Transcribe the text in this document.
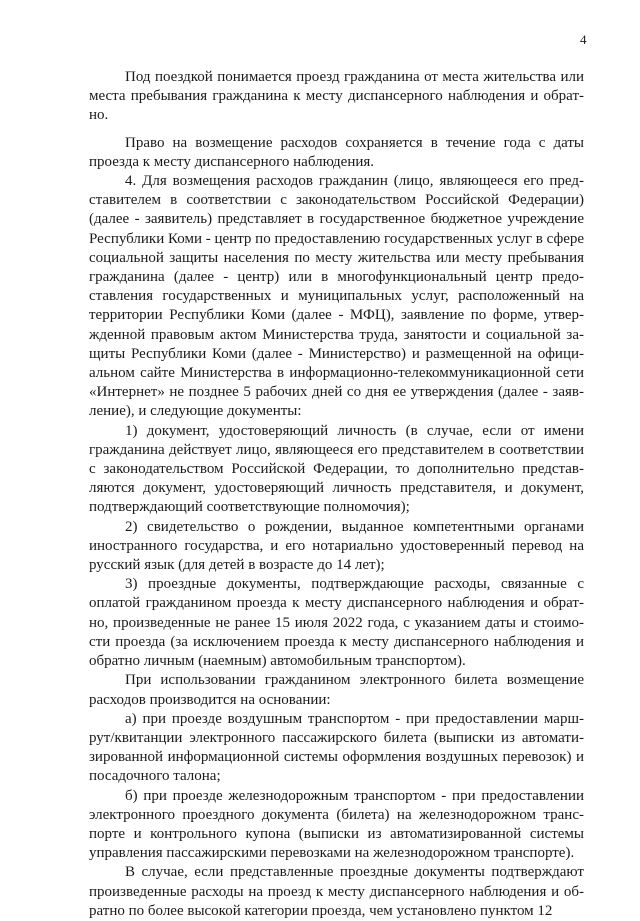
4

Под поездкой понимается проезд гражданина от места жительства или места пребывания гражданина к месту диспансерного наблюдения и обратно.

Право на возмещение расходов сохраняется в течение года с даты проезда к месту диспансерного наблюдения.

4. Для возмещения расходов гражданин (лицо, являющееся его представителем в соответствии с законодательством Российской Федерации) (далее - заявитель) представляет в государственное бюджетное учреждение Республики Коми - центр по предоставлению государственных услуг в сфере социальной защиты населения по месту жительства или месту пребывания гражданина (далее - центр) или в многофункциональный центр предоставления государственных и муниципальных услуг, расположенный на территории Республики Коми (далее - МФЦ), заявление по форме, утвержденной правовым актом Министерства труда, занятости и социальной защиты Республики Коми (далее - Министерство) и размещенной на официальном сайте Министерства в информационно-телекоммуникационной сети «Интернет» не позднее 5 рабочих дней со дня ее утверждения (далее - заявление), и следующие документы:

1) документ, удостоверяющий личность (в случае, если от имени гражданина действует лицо, являющееся его представителем в соответствии с законодательством Российской Федерации, то дополнительно представляются документ, удостоверяющий личность представителя, и документ, подтверждающий соответствующие полномочия);

2) свидетельство о рождении, выданное компетентными органами иностранного государства, и его нотариально удостоверенный перевод на русский язык (для детей в возрасте до 14 лет);

3) проездные документы, подтверждающие расходы, связанные с оплатой гражданином проезда к месту диспансерного наблюдения и обратно, произведенные не ранее 15 июля 2022 года, с указанием даты и стоимости проезда (за исключением проезда к месту диспансерного наблюдения и обратно личным (наемным) автомобильным транспортом).

При использовании гражданином электронного билета возмещение расходов производится на основании:

а) при проезде воздушным транспортом - при предоставлении маршрут/квитанции электронного пассажирского билета (выписки из автоматизированной информационной системы оформления воздушных перевозок) и посадочного талона;

б) при проезде железнодорожным транспортом - при предоставлении электронного проездного документа (билета) на железнодорожном транспорте и контрольного купона (выписки из автоматизированной системы управления пассажирскими перевозками на железнодорожном транспорте).

В случае, если представленные проездные документы подтверждают произведенные расходы на проезд к месту диспансерного наблюдения и обратно по более высокой категории проезда, чем установлено пунктом 12
